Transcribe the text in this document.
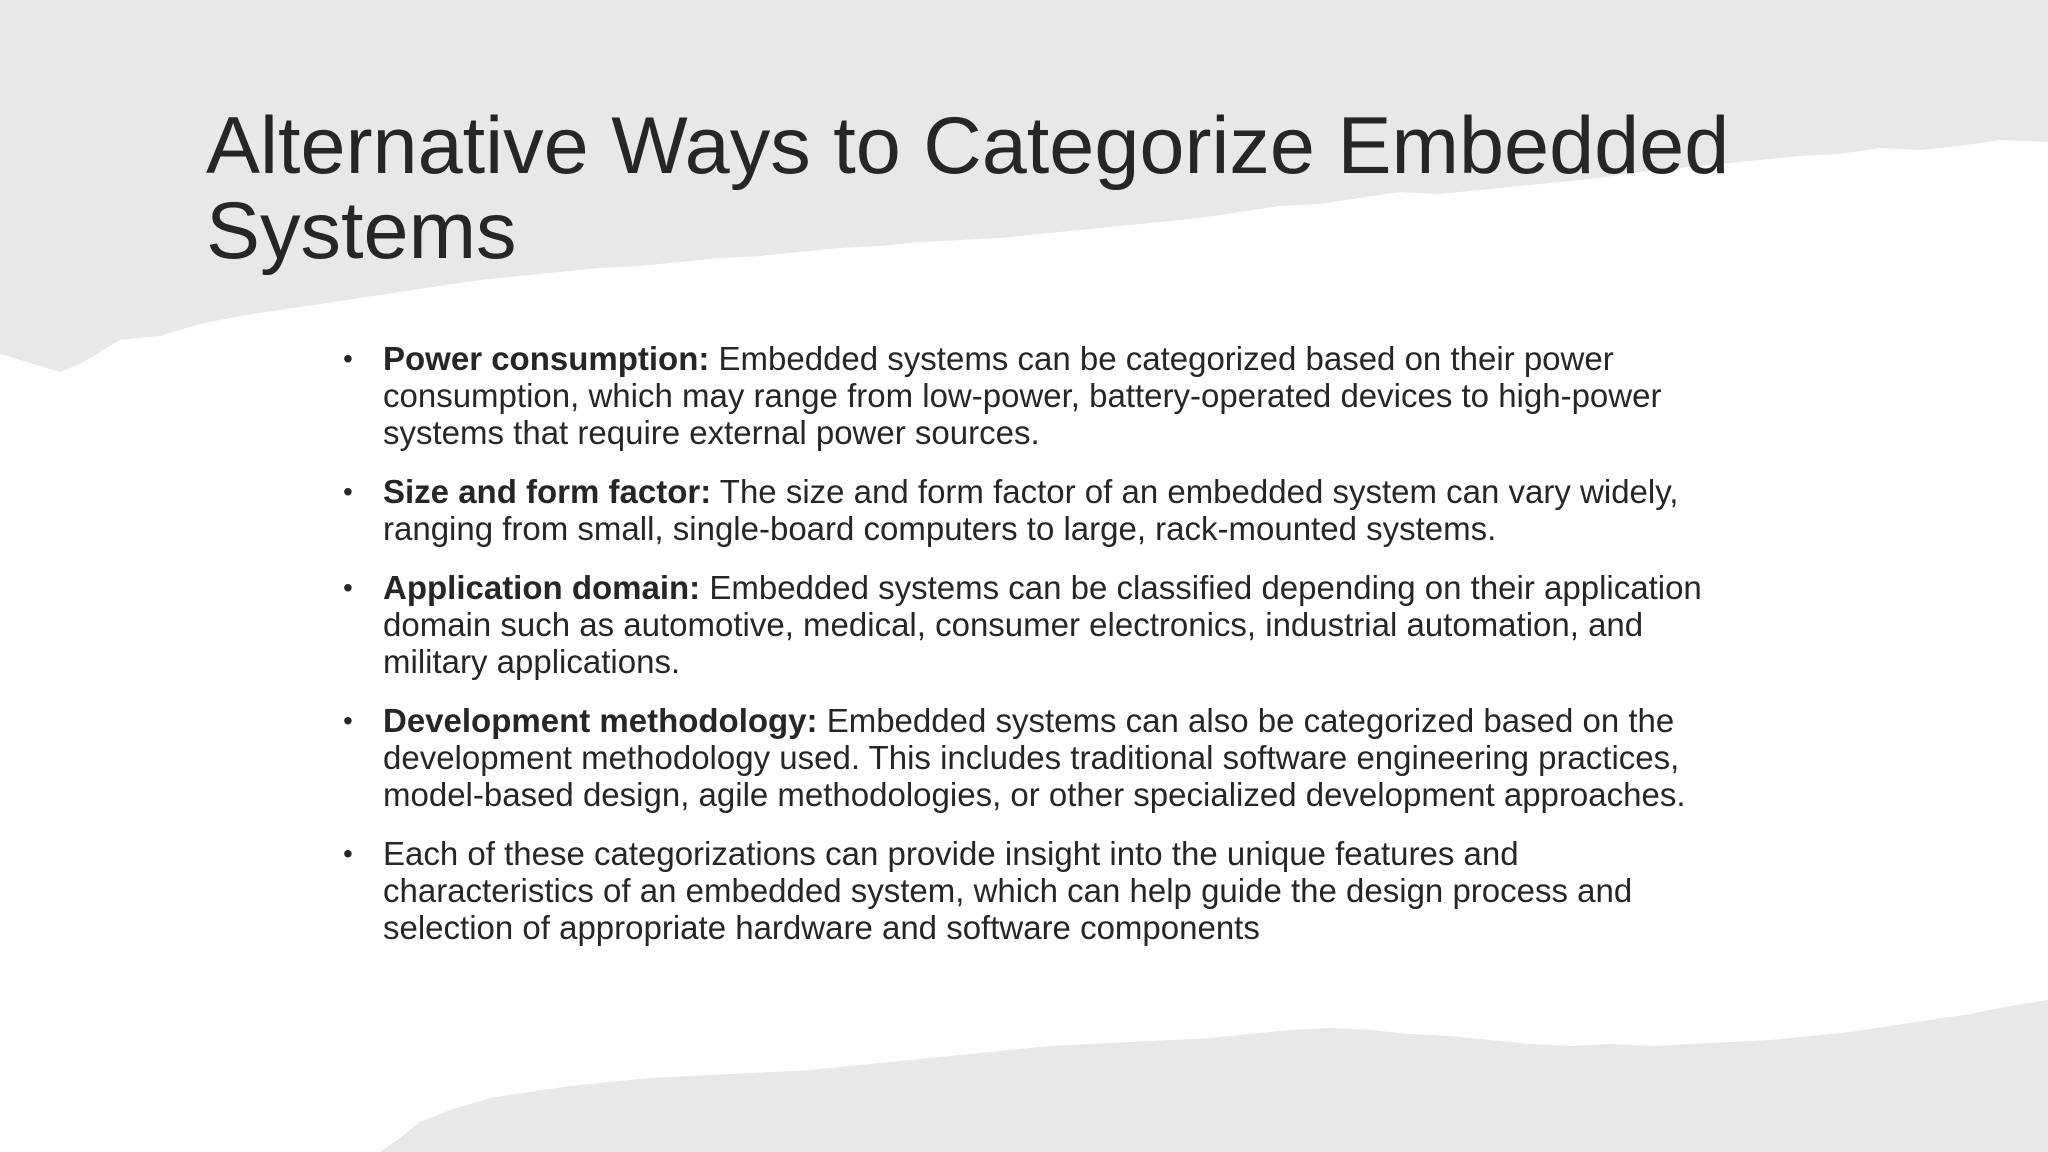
Alternative Ways to Categorize Embedded Systems
• Power consumption: Embedded systems can be categorized based on their power consumption, which may range from low-power, battery-operated devices to high-power systems that require external power sources.
• Size and form factor: The size and form factor of an embedded system can vary widely, ranging from small, single-board computers to large, rack-mounted systems.
• Application domain: Embedded systems can be classified depending on their application domain such as automotive, medical, consumer electronics, industrial automation, and military applications.
• Development methodology: Embedded systems can also be categorized based on the development methodology used. This includes traditional software engineering practices, model-based design, agile methodologies, or other specialized development approaches.
• Each of these categorizations can provide insight into the unique features and characteristics of an embedded system, which can help guide the design process and selection of appropriate hardware and software components
